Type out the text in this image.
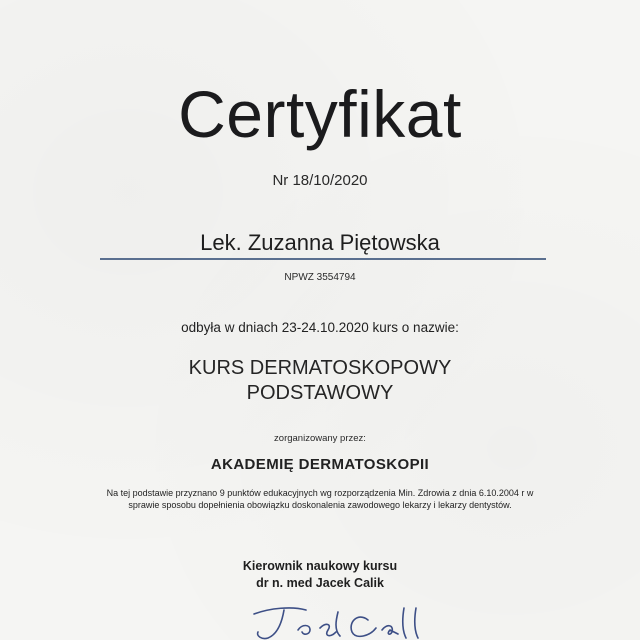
Certyfikat
Nr 18/10/2020
Lek. Zuzanna Piętowska
NPWZ 3554794
odbyła w dniach 23-24.10.2020 kurs o nazwie:
KURS DERMATOSKOPOWY
PODSTAWOWY
zorganizowany przez:
AKADEMIĘ DERMATOSKOPII
Na tej podstawie przyznano 9 punktów edukacyjnych wg rozporządzenia Min. Zdrowia z dnia 6.10.2004 r w
sprawie sposobu dopełnienia obowiązku doskonalenia zawodowego lekarzy i lekarzy dentystów.
Kierownik naukowy kursu
dr n. med Jacek Calik
